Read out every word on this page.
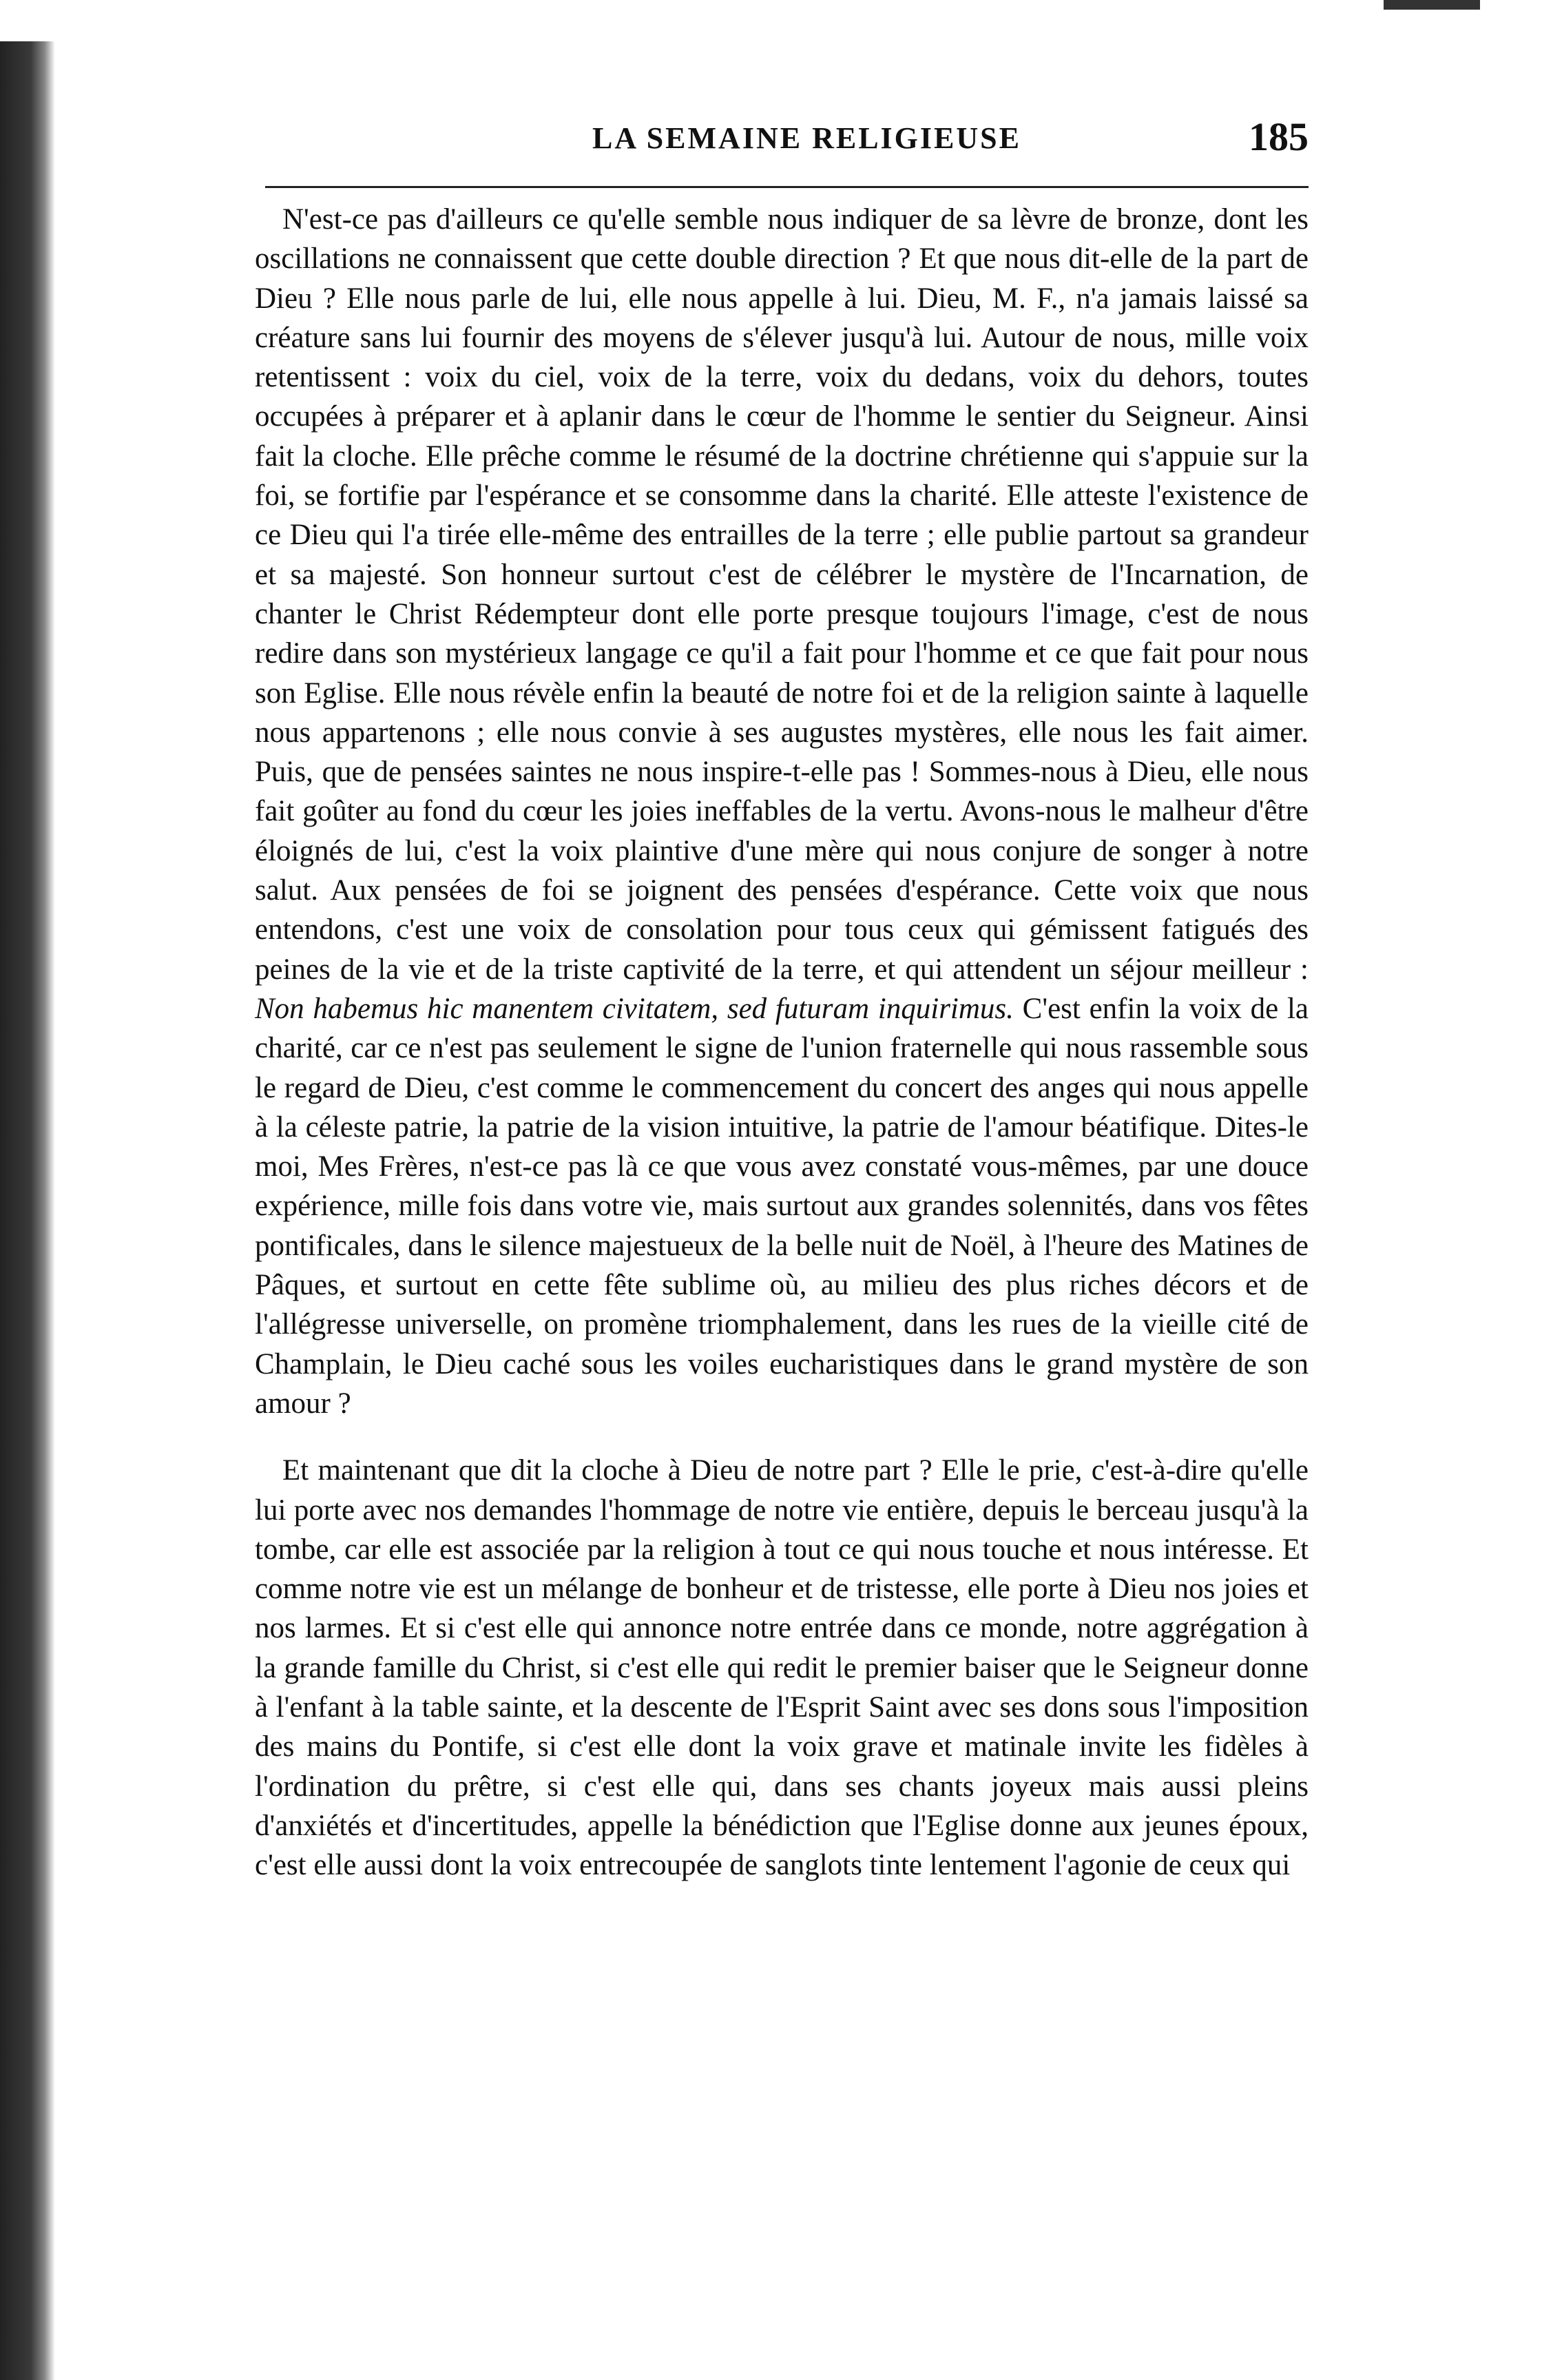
LA SEMAINE RELIGIEUSE	185

N'est-ce pas d'ailleurs ce qu'elle semble nous indiquer de sa lèvre de bronze, dont les oscillations ne connaissent que cette double direction ? Et que nous dit-elle de la part de Dieu ? Elle nous parle de lui, elle nous appelle à lui. Dieu, M. F., n'a jamais laissé sa créature sans lui fournir des moyens de s'élever jusqu'à lui. Autour de nous, mille voix retentissent : voix du ciel, voix de la terre, voix du dedans, voix du dehors, toutes occupées à préparer et à aplanir dans le cœur de l'homme le sentier du Seigneur. Ainsi fait la cloche. Elle prêche comme le résumé de la doctrine chrétienne qui s'appuie sur la foi, se fortifie par l'espérance et se consomme dans la charité. Elle atteste l'existence de ce Dieu qui l'a tirée elle-même des entrailles de la terre ; elle publie partout sa grandeur et sa majesté. Son honneur surtout c'est de célébrer le mystère de l'Incarnation, de chanter le Christ Rédempteur dont elle porte presque toujours l'image, c'est de nous redire dans son mystérieux langage ce qu'il a fait pour l'homme et ce que fait pour nous son Eglise. Elle nous révèle enfin la beauté de notre foi et de la religion sainte à laquelle nous appartenons ; elle nous convie à ses augustes mystères, elle nous les fait aimer. Puis, que de pensées saintes ne nous inspire-t-elle pas ! Sommes-nous à Dieu, elle nous fait goûter au fond du cœur les joies ineffables de la vertu. Avons-nous le malheur d'être éloignés de lui, c'est la voix plaintive d'une mère qui nous conjure de songer à notre salut. Aux pensées de foi se joignent des pensées d'espérance. Cette voix que nous entendons, c'est une voix de consolation pour tous ceux qui gémissent fatigués des peines de la vie et de la triste captivité de la terre, et qui attendent un séjour meilleur : Non habemus hic manentem civitatem, sed futuram inquirimus. C'est enfin la voix de la charité, car ce n'est pas seulement le signe de l'union fraternelle qui nous rassemble sous le regard de Dieu, c'est comme le commencement du concert des anges qui nous appelle à la céleste patrie, la patrie de la vision intuitive, la patrie de l'amour béatifique. Dites-le moi, Mes Frères, n'est-ce pas là ce que vous avez constaté vous-mêmes, par une douce expérience, mille fois dans votre vie, mais surtout aux grandes solennités, dans vos fêtes pontificales, dans le silence majestueux de la belle nuit de Noël, à l'heure des Matines de Pâques, et surtout en cette fête sublime où, au milieu des plus riches décors et de l'allégresse universelle, on promène triomphalement, dans les rues de la vieille cité de Champlain, le Dieu caché sous les voiles eucharistiques dans le grand mystère de son amour ?

Et maintenant que dit la cloche à Dieu de notre part ? Elle le prie, c'est-à-dire qu'elle lui porte avec nos demandes l'hommage de notre vie entière, depuis le berceau jusqu'à la tombe, car elle est associée par la religion à tout ce qui nous touche et nous intéresse. Et comme notre vie est un mélange de bonheur et de tristesse, elle porte à Dieu nos joies et nos larmes. Et si c'est elle qui annonce notre entrée dans ce monde, notre aggrégation à la grande famille du Christ, si c'est elle qui redit le premier baiser que le Seigneur donne à l'enfant à la table sainte, et la descente de l'Esprit Saint avec ses dons sous l'imposition des mains du Pontife, si c'est elle dont la voix grave et matinale invite les fidèles à l'ordination du prêtre, si c'est elle qui, dans ses chants joyeux mais aussi pleins d'anxiétés et d'incertitudes, appelle la bénédiction que l'Eglise donne aux jeunes époux, c'est elle aussi dont la voix entrecoupée de sanglots tinte lentement l'agonie de ceux qui
